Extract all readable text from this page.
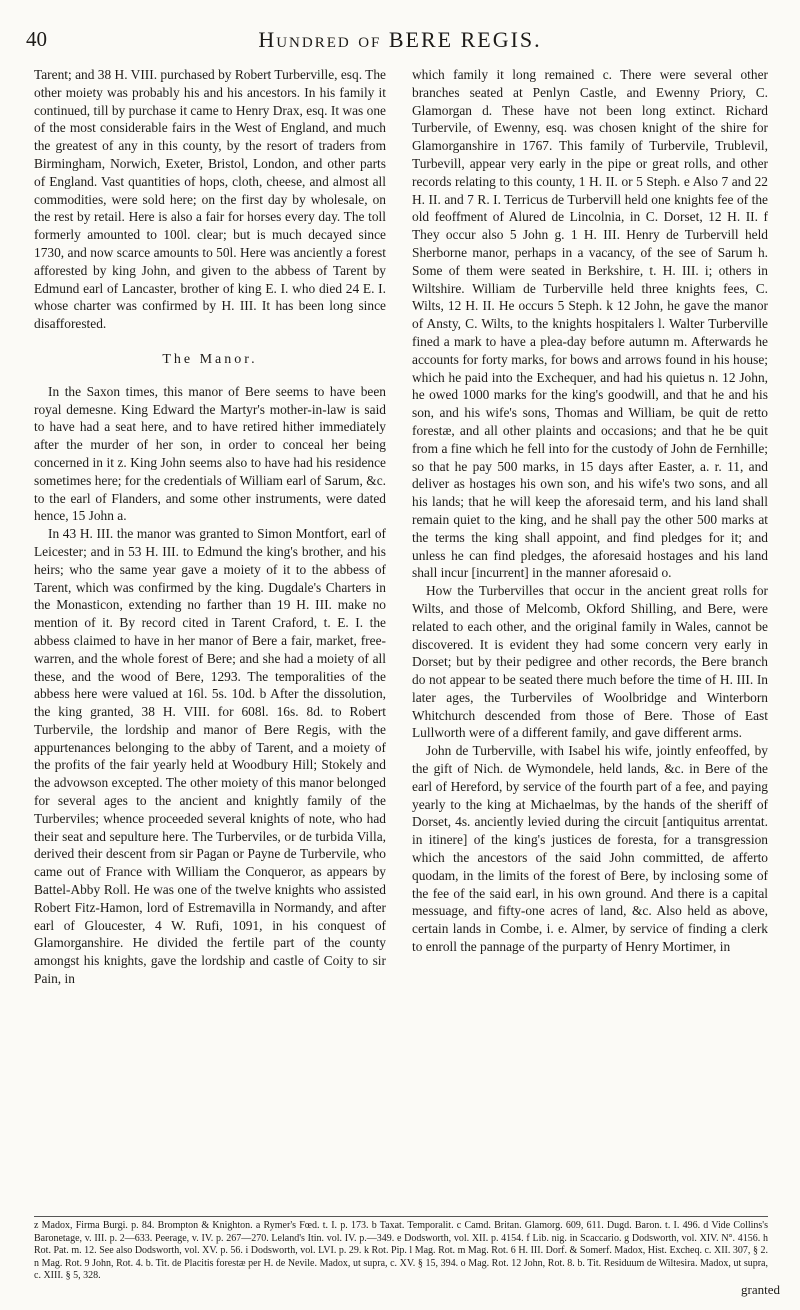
40	Hundred of BERE REGIS.

Tarent; and 38 H. VIII. purchased by Robert Turberville, esq. The other moiety was probably his and his ancestors. In his family it continued, till by purchase it came to Henry Drax, esq. It was one of the most considerable fairs in the West of England, and much the greatest of any in this county, by the resort of traders from Birmingham, Norwich, Exeter, Bristol, London, and other parts of England. Vast quantities of hops, cloth, cheese, and almost all commodities, were sold here; on the first day by wholesale, on the rest by retail. Here is also a fair for horses every day. The toll formerly amounted to 100l. clear; but is much decayed since 1730, and now scarce amounts to 50l. Here was anciently a forest afforested by king John, and given to the abbess of Tarent by Edmund earl of Lancaster, brother of king E. I. who died 24 E. I. whose charter was confirmed by H. III. It has been long since disafforested.

The Manor.

In the Saxon times, this manor of Bere seems to have been royal demesne. King Edward the Martyr's mother-in-law is said to have had a seat here, and to have retired hither immediately after the murder of her son, in order to conceal her being concerned in it z. King John seems also to have had his residence sometimes here; for the credentials of William earl of Sarum, &c. to the earl of Flanders, and some other instruments, were dated hence, 15 John a.

In 43 H. III. the manor was granted to Simon Montfort, earl of Leicester; and in 53 H. III. to Edmund the king's brother, and his heirs; who the same year gave a moiety of it to the abbess of Tarent, which was confirmed by the king. Dugdale's Charters in the Monasticon, extending no farther than 19 H. III. make no mention of it. By record cited in Tarent Craford, t. E. I. the abbess claimed to have in her manor of Bere a fair, market, free-warren, and the whole forest of Bere; and she had a moiety of all these, and the wood of Bere, 1293. The temporalities of the abbess here were valued at 16l. 5s. 10d. b After the dissolution, the king granted, 38 H. VIII. for 608l. 16s. 8d. to Robert Turbervile, the lordship and manor of Bere Regis, with the appurtenances belonging to the abby of Tarent, and a moiety of the profits of the fair yearly held at Woodbury Hill; Stokely and the advowson excepted. The other moiety of this manor belonged for several ages to the ancient and knightly family of the Turberviles; whence proceeded several knights of note, who had their seat and sepulture here. The Turberviles, or de turbida Villa, derived their descent from sir Pagan or Payne de Turbervile, who came out of France with William the Conqueror, as appears by Battel-Abby Roll. He was one of the twelve knights who assisted Robert Fitz-Hamon, lord of Estremavilla in Normandy, and after earl of Gloucester, 4 W. Rufi, 1091, in his conquest of Glamorganshire. He divided the fertile part of the county amongst his knights, gave the lordship and castle of Coity to sir Pain, in

which family it long remained c. There were several other branches seated at Penlyn Castle, and Ewenny Priory, C. Glamorgan d. These have not been long extinct. Richard Turbervile, of Ewenny, esq. was chosen knight of the shire for Glamorganshire in 1767. This family of Turbervile, Trublevil, Turbevill, appear very early in the pipe or great rolls, and other records relating to this county, 1 H. II. or 5 Steph. e Also 7 and 22 H. II. and 7 R. I. Terricus de Turbervill held one knights fee of the old feoffment of Alured de Lincolnia, in C. Dorset, 12 H. II. f They occur also 5 John g. 1 H. III. Henry de Turbervill held Sherborne manor, perhaps in a vacancy, of the see of Sarum h. Some of them were seated in Berkshire, t. H. III. i; others in Wiltshire. William de Turberville held three knights fees, C. Wilts, 12 H. II. He occurs 5 Steph. k 12 John, he gave the manor of Ansty, C. Wilts, to the knights hospitalers l. Walter Turberville fined a mark to have a plea-day before autumn m. Afterwards he accounts for forty marks, for bows and arrows found in his house; which he paid into the Exchequer, and had his quietus n. 12 John, he owed 1000 marks for the king's goodwill, and that he and his son, and his wife's sons, Thomas and William, be quit de retto forestæ, and all other plaints and occasions; and that he be quit from a fine which he fell into for the custody of John de Fernhille; so that he pay 500 marks, in 15 days after Easter, a. r. 11, and deliver as hostages his own son, and his wife's two sons, and all his lands; that he will keep the aforesaid term, and his land shall remain quiet to the king, and he shall pay the other 500 marks at the terms the king shall appoint, and find pledges for it; and unless he can find pledges, the aforesaid hostages and his land shall incur [incurrent] in the manner aforesaid o.

How the Turbervilles that occur in the ancient great rolls for Wilts, and those of Melcomb, Okford Shilling, and Bere, were related to each other, and the original family in Wales, cannot be discovered. It is evident they had some concern very early in Dorset; but by their pedigree and other records, the Bere branch do not appear to be seated there much before the time of H. III. In later ages, the Turberviles of Woolbridge and Winterborn Whitchurch descended from those of Bere. Those of East Lullworth were of a different family, and gave different arms.

John de Turberville, with Isabel his wife, jointly enfeoffed, by the gift of Nich. de Wymondele, held lands, &c. in Bere of the earl of Hereford, by service of the fourth part of a fee, and paying yearly to the king at Michaelmas, by the hands of the sheriff of Dorset, 4s. anciently levied during the circuit [antiquitus arrentat. in itinere] of the king's justices de foresta, for a transgression which the ancestors of the said John committed, de afferto quodam, in the limits of the forest of Bere, by inclosing some of the fee of the said earl, in his own ground. And there is a capital messuage, and fifty-one acres of land, &c. Also held as above, certain lands in Combe, i. e. Almer, by service of finding a clerk to enroll the pannage of the purparty of Henry Mortimer, in

z Madox, Firma Burgi. p. 84. Brompton & Knighton. a Rymer's Fœd. t. I. p. 173. b Taxat. Temporalit. c Camd. Britan. Glamorg. 609, 611. Dugd. Baron. t. I. 496. d Vide Collins's Baronetage, v. III. p. 2—633. Peerage, v. IV. p. 267—270. Leland's Itin. vol. IV. p.—349. e Dodsworth, vol. XII. p. 4154. f Lib. nig. in Scaccario. g Dodsworth, vol. XIV. N°. 4156. h Rot. Pat. m. 12. See also Dodsworth, vol. XV. p. 56. i Dodsworth, vol. LVI. p. 29. k Rot. Pip. l Mag. Rot. m Mag. Rot. 6 H. III. Dorf. & Somerf. Madox, Hist. Excheq. c. XII. 307, § 2. n Mag. Rot. 9 John, Rot. 4. b. Tit. de Placitis forestæ per H. de Nevile. Madox, ut supra, c. XV. § 15, 394. o Mag. Rot. 12 John, Rot. 8. b. Tit. Residuum de Wiltesira. Madox, ut supra, c. XIII. § 5, 328.
granted
